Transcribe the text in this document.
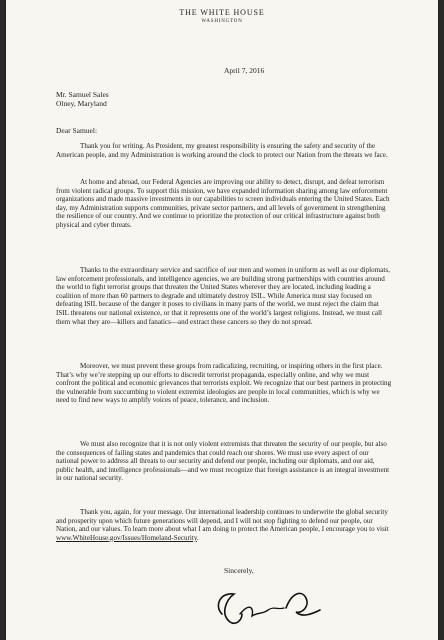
THE WHITE HOUSE
WASHINGTON
April 7, 2016
Mr. Samuel Sales
Olney, Maryland
Dear Samuel:

Thank you for writing. As President, my greatest responsibility is ensuring the safety and security of the American people, and my Administration is working around the clock to protect our Nation from the threats we face.

At home and abroad, our Federal Agencies are improving our ability to detect, disrupt, and defeat terrorism from violent radical groups. To support this mission, we have expanded information sharing among law enforcement organizations and made massive investments in our capabilities to screen individuals entering the United States. Each day, my Administration supports communities, private sector partners, and all levels of government in strengthening the resilience of our country. And we continue to prioritize the protection of our critical infrastructure against both physical and cyber threats.

Thanks to the extraordinary service and sacrifice of our men and women in uniform as well as our diplomats, law enforcement professionals, and intelligence agencies, we are building strong partnerships with countries around the world to fight terrorist groups that threaten the United States wherever they are located, including leading a coalition of more than 60 partners to degrade and ultimately destroy ISIL. While America must stay focused on defeating ISIL because of the danger it poses to civilians in many parts of the world, we must reject the claim that ISIL threatens our national existence, or that it represents one of the world’s largest religions. Instead, we must call them what they are—killers and fanatics—and extract these cancers so they do not spread.

Moreover, we must prevent these groups from radicalizing, recruiting, or inspiring others in the first place. That’s why we’re stepping up our efforts to discredit terrorist propaganda, especially online, and why we must confront the political and economic grievances that terrorists exploit. We recognize that our best partners in protecting the vulnerable from succumbing to violent extremist ideologies are people in local communities, which is why we need to find new ways to amplify voices of peace, tolerance, and inclusion.

We must also recognize that it is not only violent extremists that threaten the security of our people, but also the consequences of failing states and pandemics that could reach our shores. We must use every aspect of our national power to address all threats to our security and defend our people, including our diplomats, and our aid, public health, and intelligence professionals—and we must recognize that foreign assistance is an integral investment in our national security.

Thank you, again, for your message. Our international leadership continues to underwrite the global security and prosperity upon which future generations will depend, and I will not stop fighting to defend our people, our Nation, and our values. To learn more about what I am doing to protect the American people, I encourage you to visit www.WhiteHouse.gov/Issues/Homeland-Security.

Sincerely,
